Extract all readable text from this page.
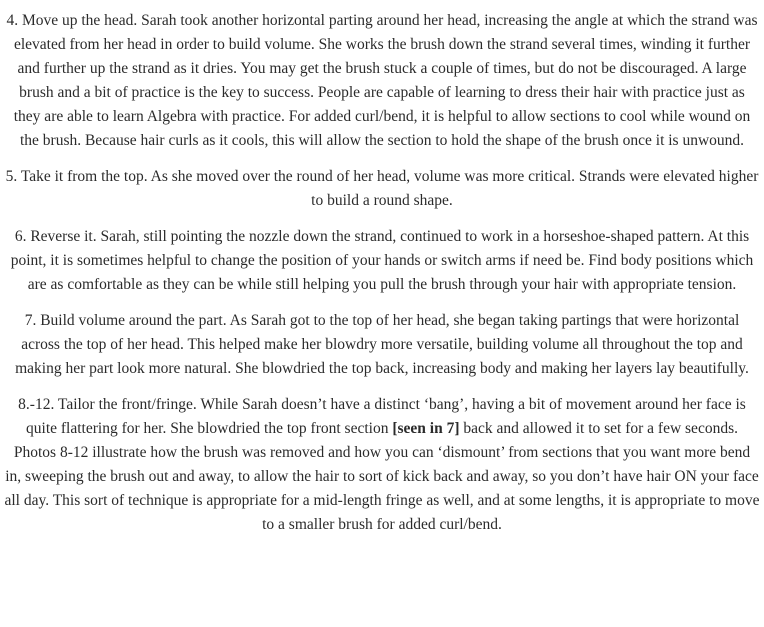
4. Move up the head. Sarah took another horizontal parting around her head, increasing the angle at which the strand was elevated from her head in order to build volume. She works the brush down the strand several times, winding it further and further up the strand as it dries. You may get the brush stuck a couple of times, but do not be discouraged. A large brush and a bit of practice is the key to success. People are capable of learning to dress their hair with practice just as they are able to learn Algebra with practice. For added curl/bend, it is helpful to allow sections to cool while wound on the brush. Because hair curls as it cools, this will allow the section to hold the shape of the brush once it is unwound.

5. Take it from the top. As she moved over the round of her head, volume was more critical. Strands were elevated higher to build a round shape.

6. Reverse it. Sarah, still pointing the nozzle down the strand, continued to work in a horseshoe-shaped pattern. At this point, it is sometimes helpful to change the position of your hands or switch arms if need be. Find body positions which are as comfortable as they can be while still helping you pull the brush through your hair with appropriate tension.

7. Build volume around the part. As Sarah got to the top of her head, she began taking partings that were horizontal across the top of her head. This helped make her blowdry more versatile, building volume all throughout the top and making her part look more natural. She blowdried the top back, increasing body and making her layers lay beautifully.

8.-12. Tailor the front/fringe. While Sarah doesn’t have a distinct ‘bang’, having a bit of movement around her face is quite flattering for her. She blowdried the top front section [seen in 7] back and allowed it to set for a few seconds. Photos 8-12 illustrate how the brush was removed and how you can ‘dismount’ from sections that you want more bend in, sweeping the brush out and away, to allow the hair to sort of kick back and away, so you don’t have hair ON your face all day. This sort of technique is appropriate for a mid-length fringe as well, and at some lengths, it is appropriate to move to a smaller brush for added curl/bend.
